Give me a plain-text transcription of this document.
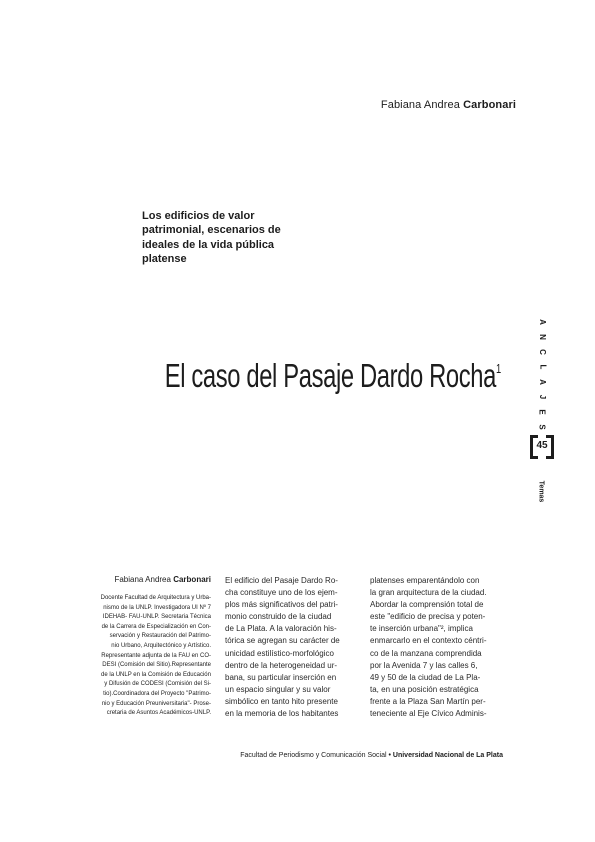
Fabiana Andrea Carbonari
Los edificios de valor patrimonial, escenarios de ideales de la vida pública platense
El caso del Pasaje Dardo Rocha$^1$
A
N
C
L
A
J
E
S
45
Temas
Fabiana Andrea Carbonari
Docente Facultad de Arquitectura y Urba-
nismo de la UNLP. Investigadora UI Nº 7
IDEHAB- FAU-UNLP. Secretaria Técnica
de la Carrera de Especialización en Con-
servación y Restauración del Patrimo-
nio Urbano, Arquitectónico y Artístico.
Representante adjunta de la FAU en CO-
DESI (Comisión del Sitio).Representante
de la UNLP en la Comisión de Educación
y Difusión de CODESI (Comisión del Si-
tio).Coordinadora del Proyecto "Patrimo-
nio y Educación Preuniversitaria"- Prose-
cretaria de Asuntos Académicos-UNLP.
El edificio del Pasaje Dardo Ro-
cha constituye uno de los ejem-
plos más significativos del patri-
monio construido de la ciudad
de La Plata. A la valoración his-
tórica se agregan su carácter de
unicidad estilístico-morfológico
dentro de la heterogeneidad ur-
bana, su particular inserción en
un espacio singular y su valor
simbólico en tanto hito presente
en la memoria de los habitantes
platenses emparentándolo con
la gran arquitectura de la ciudad.
Abordar la comprensión total de
este "edificio de precisa y poten-
te inserción urbana"², implica
enmarcarlo en el contexto céntri-
co de la manzana comprendida
por la Avenida 7 y las calles 6,
49 y 50 de la ciudad de La Pla-
ta, en una posición estratégica
frente a la Plaza San Martín per-
teneciente al Eje Cívico Adminis-
Facultad de Periodismo y Comunicación Social • Universidad Nacional de La Plata
